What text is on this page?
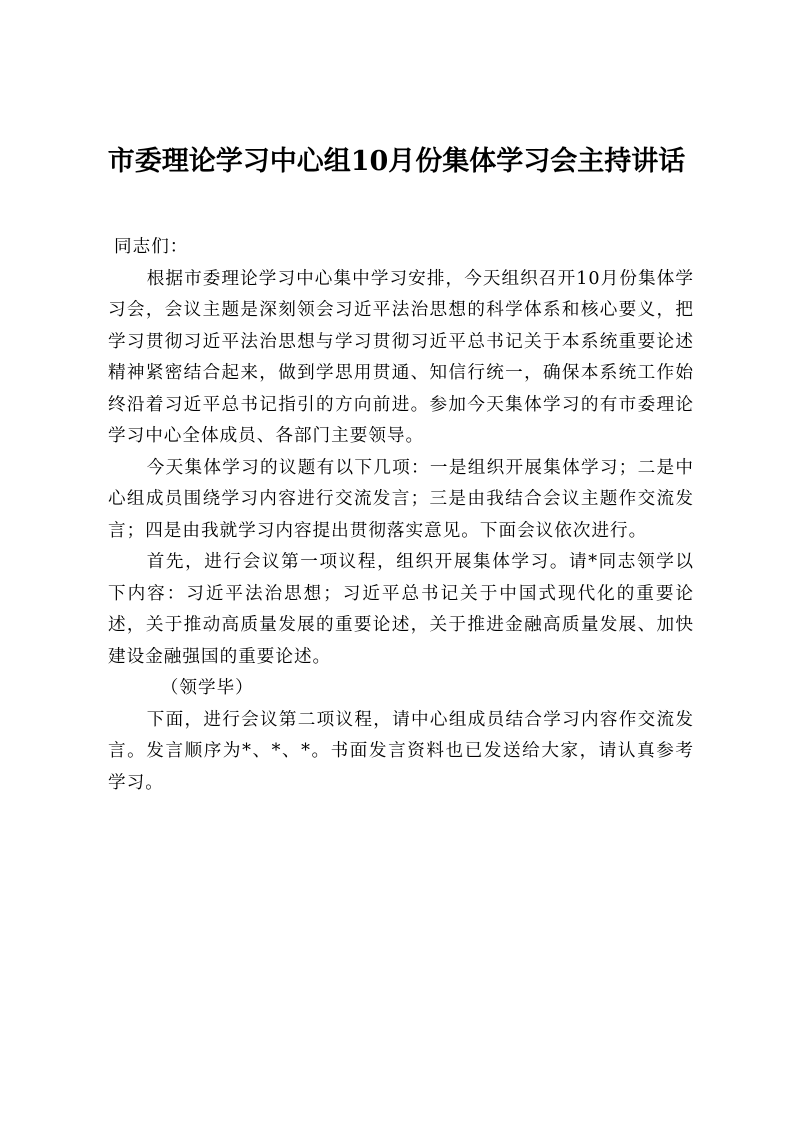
市委理论学习中心组10月份集体学习会主持讲话

同志们：

根据市委理论学习中心集中学习安排，今天组织召开10月份集体学习会，会议主题是深刻领会习近平法治思想的科学体系和核心要义，把学习贯彻习近平法治思想与学习贯彻习近平总书记关于本系统重要论述精神紧密结合起来，做到学思用贯通、知信行统一，确保本系统工作始终沿着习近平总书记指引的方向前进。参加今天集体学习的有市委理论学习中心全体成员、各部门主要领导。

今天集体学习的议题有以下几项：一是组织开展集体学习；二是中心组成员围绕学习内容进行交流发言；三是由我结合会议主题作交流发言；四是由我就学习内容提出贯彻落实意见。下面会议依次进行。

首先，进行会议第一项议程，组织开展集体学习。请*同志领学以下内容：习近平法治思想；习近平总书记关于中国式现代化的重要论述，关于推动高质量发展的重要论述，关于推进金融高质量发展、加快建设金融强国的重要论述。

（领学毕）

下面，进行会议第二项议程，请中心组成员结合学习内容作交流发言。发言顺序为*、*、*。书面发言资料也已发送给大家，请认真参考学习。
